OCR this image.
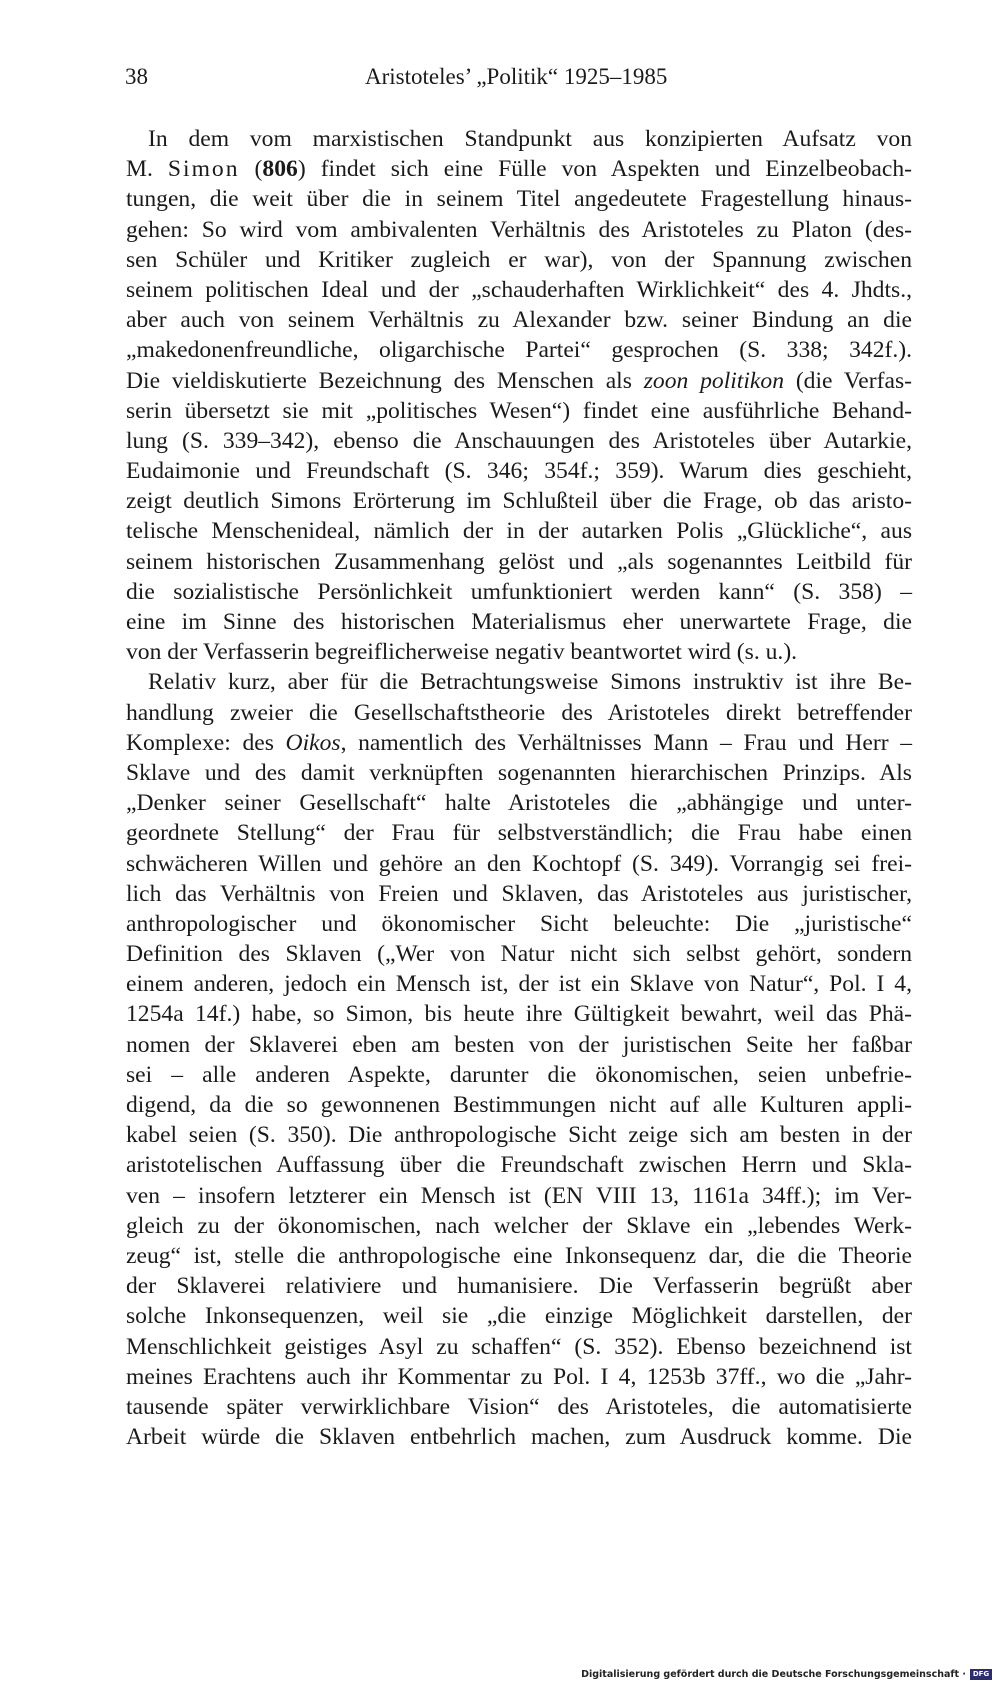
38	Aristoteles’ „Politik“ 1925–1985
In dem vom marxistischen Standpunkt aus konzipierten Aufsatz von
M. Simon (806) findet sich eine Fülle von Aspekten und Einzelbeobach-
tungen, die weit über die in seinem Titel angedeutete Fragestellung hinaus-
gehen: So wird vom ambivalenten Verhältnis des Aristoteles zu Platon (des-
sen Schüler und Kritiker zugleich er war), von der Spannung zwischen
seinem politischen Ideal und der „schauderhaften Wirklichkeit“ des 4. Jhdts.,
aber auch von seinem Verhältnis zu Alexander bzw. seiner Bindung an die
„makedonenfreundliche, oligarchische Partei“ gesprochen (S. 338; 342f.).
Die vieldiskutierte Bezeichnung des Menschen als zoon politikon (die Verfas-
serin übersetzt sie mit „politisches Wesen“) findet eine ausführliche Behand-
lung (S. 339–342), ebenso die Anschauungen des Aristoteles über Autarkie,
Eudaimonie und Freundschaft (S. 346; 354f.; 359). Warum dies geschieht,
zeigt deutlich Simons Erörterung im Schlußteil über die Frage, ob das aristo-
telische Menschenideal, nämlich der in der autarken Polis „Glückliche“, aus
seinem historischen Zusammenhang gelöst und „als sogenanntes Leitbild für
die sozialistische Persönlichkeit umfunktioniert werden kann“ (S. 358) –
eine im Sinne des historischen Materialismus eher unerwartete Frage, die
von der Verfasserin begreiflicherweise negativ beantwortet wird (s. u.).
Relativ kurz, aber für die Betrachtungsweise Simons instruktiv ist ihre Be-
handlung zweier die Gesellschaftstheorie des Aristoteles direkt betreffender
Komplexe: des Oikos, namentlich des Verhältnisses Mann – Frau und Herr –
Sklave und des damit verknüpften sogenannten hierarchischen Prinzips. Als
„Denker seiner Gesellschaft“ halte Aristoteles die „abhängige und unter-
geordnete Stellung“ der Frau für selbstverständlich; die Frau habe einen
schwächeren Willen und gehöre an den Kochtopf (S. 349). Vorrangig sei frei-
lich das Verhältnis von Freien und Sklaven, das Aristoteles aus juristischer,
anthropologischer und ökonomischer Sicht beleuchte: Die „juristische“
Definition des Sklaven („Wer von Natur nicht sich selbst gehört, sondern
einem anderen, jedoch ein Mensch ist, der ist ein Sklave von Natur“, Pol. I 4,
1254a 14f.) habe, so Simon, bis heute ihre Gültigkeit bewahrt, weil das Phä-
nomen der Sklaverei eben am besten von der juristischen Seite her faßbar
sei – alle anderen Aspekte, darunter die ökonomischen, seien unbefrie-
digend, da die so gewonnenen Bestimmungen nicht auf alle Kulturen appli-
kabel seien (S. 350). Die anthropologische Sicht zeige sich am besten in der
aristotelischen Auffassung über die Freundschaft zwischen Herrn und Skla-
ven – insofern letzterer ein Mensch ist (EN VIII 13, 1161a 34ff.); im Ver-
gleich zu der ökonomischen, nach welcher der Sklave ein „lebendes Werk-
zeug“ ist, stelle die anthropologische eine Inkonsequenz dar, die die Theorie
der Sklaverei relativiere und humanisiere. Die Verfasserin begrüßt aber
solche Inkonsequenzen, weil sie „die einzige Möglichkeit darstellen, der
Menschlichkeit geistiges Asyl zu schaffen“ (S. 352). Ebenso bezeichnend ist
meines Erachtens auch ihr Kommentar zu Pol. I 4, 1253b 37ff., wo die „Jahr-
tausende später verwirklichbare Vision“ des Aristoteles, die automatisierte
Arbeit würde die Sklaven entbehrlich machen, zum Ausdruck komme. Die
Digitalisierung gefördert durch die Deutsche Forschungsgemeinschaft · DFG
